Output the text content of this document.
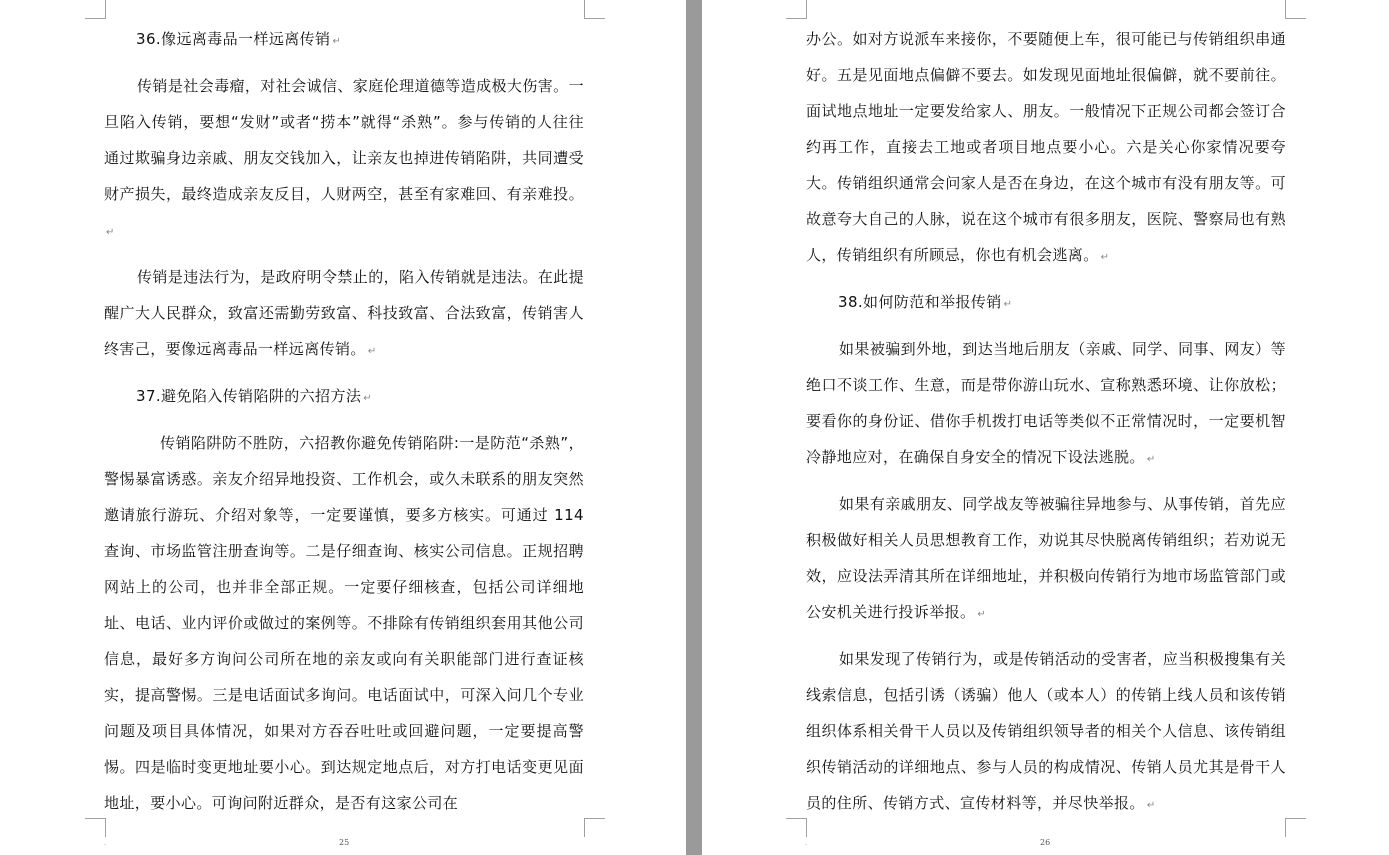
36.像远离毒品一样远离传销 ↵

传销是社会毒瘤，对社会诚信、家庭伦理道德等造成极大伤害。一旦陷入传销，要想“发财”或者“捞本”就得“杀熟”。参与传销的人往往通过欺骗身边亲戚、朋友交钱加入，让亲友也掉进传销陷阱，共同遭受财产损失，最终造成亲友反目，人财两空，甚至有家难回、有亲难投。↵

传销是违法行为，是政府明令禁止的，陷入传销就是违法。在此提醒广大人民群众，致富还需勤劳致富、科技致富、合法致富，传销害人终害己，要像远离毒品一样远离传销。 ↵

37.避免陷入传销陷阱的六招方法 ↵

传销陷阱防不胜防，六招教你避免传销陷阱:一是防范“杀熟”，警惕暴富诱惑。亲友介绍异地投资、工作机会，或久未联系的朋友突然邀请旅行游玩、介绍对象等，一定要谨慎，要多方核实。可通过 114 查询、市场监管注册查询等。二是仔细查询、核实公司信息。正规招聘网站上的公司，也并非全部正规。一定要仔细核查，包括公司详细地址、电话、业内评价或做过的案例等。不排除有传销组织套用其他公司信息，最好多方询问公司所在地的亲友或向有关职能部门进行查证核实，提高警惕。三是电话面试多询问。电话面试中，可深入问几个专业问题及项目具体情况，如果对方吞吞吐吐或回避问题，一定要提高警惕。四是临时变更地址要小心。到达规定地点后，对方打电话变更见面地址，要小心。可询问附近群众，是否有这家公司在

.	25

办公。如对方说派车来接你，不要随便上车，很可能已与传销组织串通好。五是见面地点偏僻不要去。如发现见面地址很偏僻，就不要前往。面试地点地址一定要发给家人、朋友。一般情况下正规公司都会签订合约再工作，直接去工地或者项目地点要小心。六是关心你家情况要夸大。传销组织通常会问家人是否在身边，在这个城市有没有朋友等。可故意夸大自己的人脉，说在这个城市有很多朋友，医院、警察局也有熟人，传销组织有所顾忌，你也有机会逃离。 ↵

38.如何防范和举报传销 ↵

如果被骗到外地，到达当地后朋友（亲戚、同学、同事、网友）等绝口不谈工作、生意，而是带你游山玩水、宣称熟悉环境、让你放松；要看你的身份证、借你手机拨打电话等类似不正常情况时，一定要机智冷静地应对，在确保自身安全的情况下设法逃脱。 ↵

如果有亲戚朋友、同学战友等被骗往异地参与、从事传销，首先应积极做好相关人员思想教育工作，劝说其尽快脱离传销组织；若劝说无效，应设法弄清其所在详细地址，并积极向传销行为地市场监管部门或公安机关进行投诉举报。 ↵

如果发现了传销行为，或是传销活动的受害者，应当积极搜集有关线索信息，包括引诱（诱骗）他人（或本人）的传销上线人员和该传销组织体系相关骨干人员以及传销组织领导者的相关个人信息、该传销组织传销活动的详细地点、参与人员的构成情况、传销人员尤其是骨干人员的住所、传销方式、宣传材料等，并尽快举报。 ↵

.	26
